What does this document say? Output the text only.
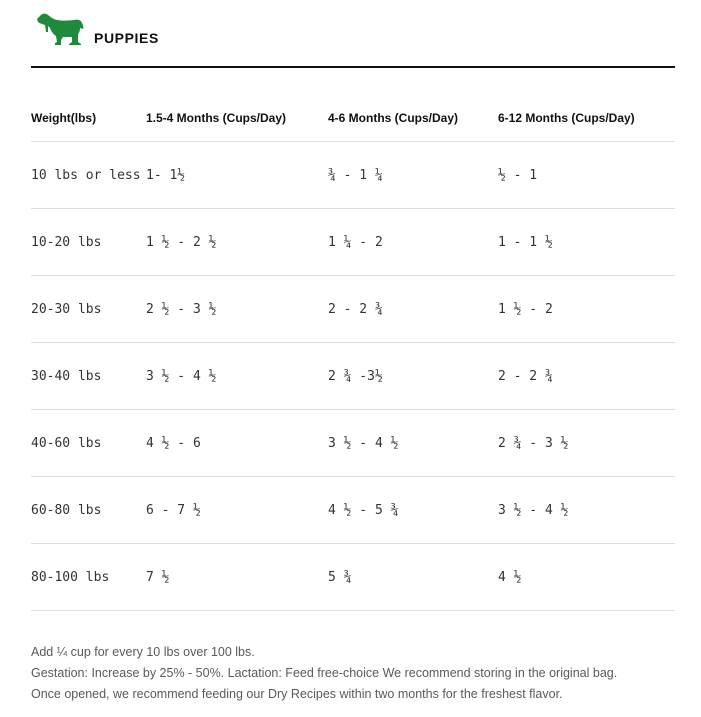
PUPPIES
Weight(lbs)	1.5-4 Months (Cups/Day)	4-6 Months (Cups/Day)	6-12 Months (Cups/Day)
10 lbs or less	1- 1½	¾ - 1 ¼	½ - 1
10-20 lbs	1 ½ - 2 ½	1 ¼ - 2	1 - 1 ½
20-30 lbs	2 ½ - 3 ½	2 - 2 ¾	1 ½ - 2
30-40 lbs	3 ½ - 4 ½	2 ¾ -3½	2 - 2 ¾
40-60 lbs	4 ½ - 6	3 ½ - 4 ½	2 ¾ - 3 ½
60-80 lbs	6 - 7 ½	4 ½ - 5 ¾	3 ½ - 4 ½
80-100 lbs	7 ½	5 ¾	4 ½

Add ¼ cup for every 10 lbs over 100 lbs.

Gestation: Increase by 25% - 50%. Lactation: Feed free-choice We recommend storing in the original bag.

Once opened, we recommend feeding our Dry Recipes within two months for the freshest flavor.
